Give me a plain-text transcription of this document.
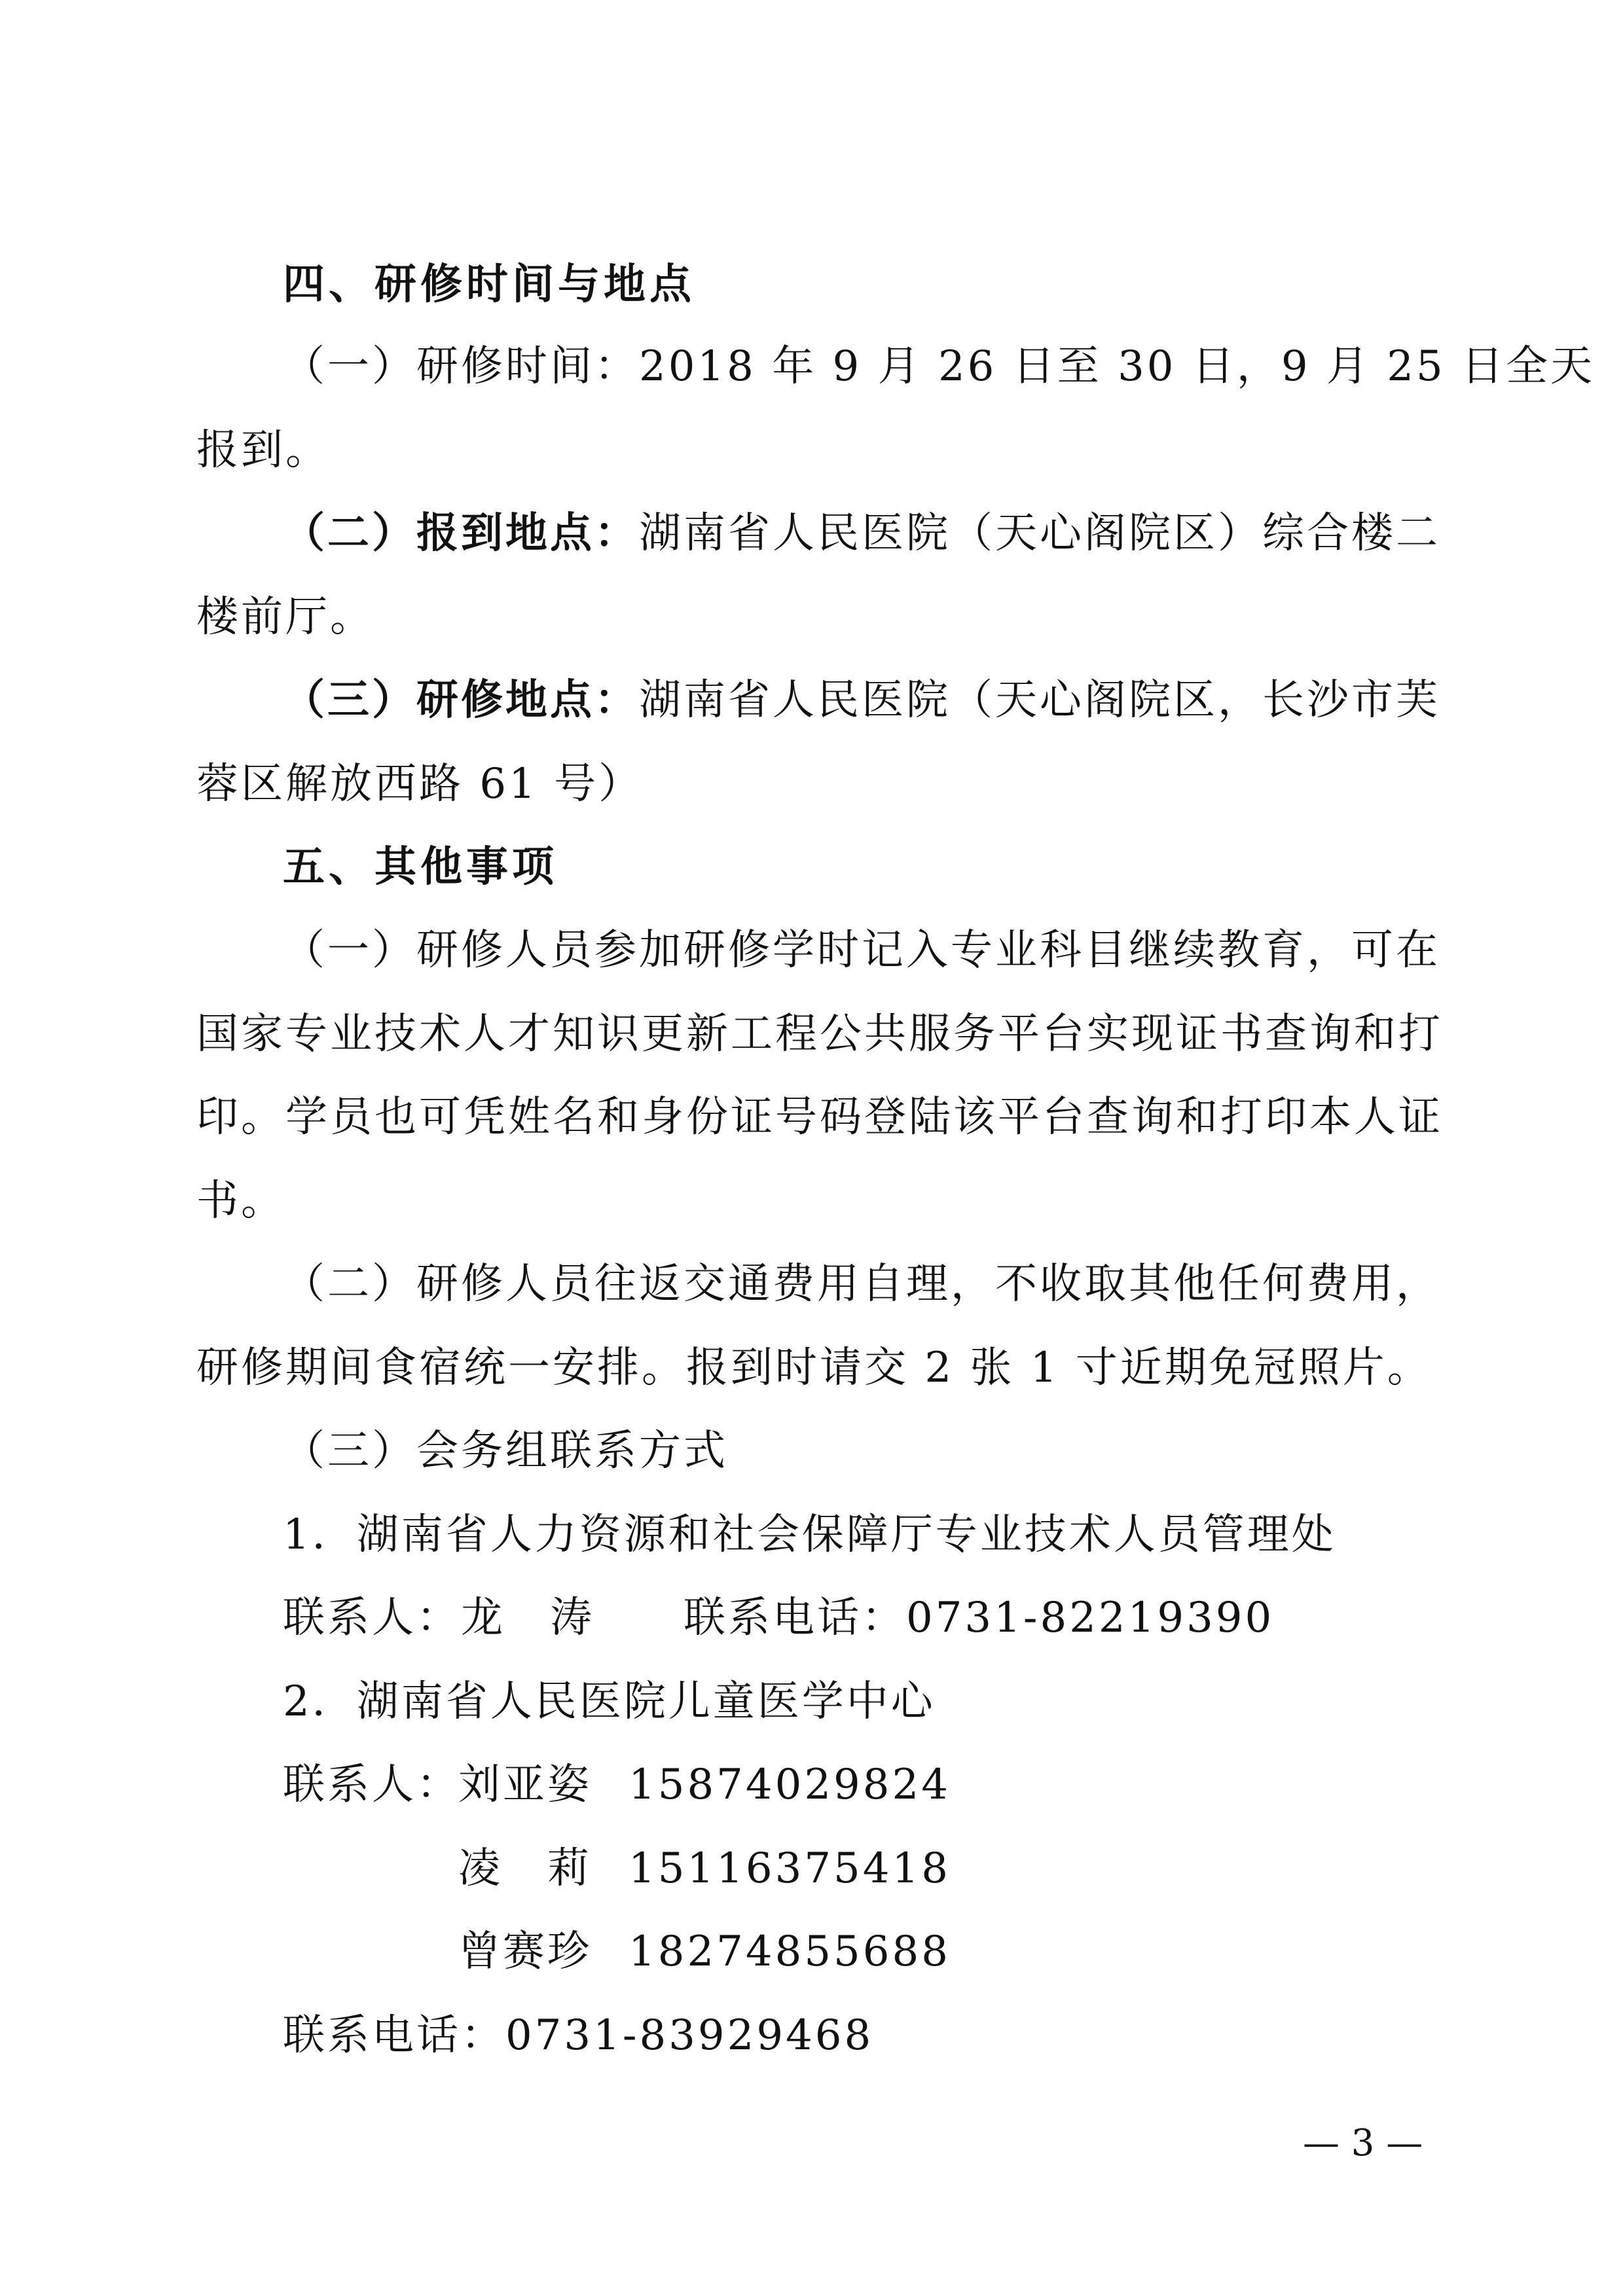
四、研修时间与地点
（一）研修时间：2018 年 9 月 26 日至 30 日，9 月 25 日全天
报到。
（二）报到地点：湖南省人民医院（天心阁院区）综合楼二
楼前厅。
（三）研修地点：湖南省人民医院（天心阁院区，长沙市芙
蓉区解放西路 61 号）
五、其他事项
（一）研修人员参加研修学时记入专业科目继续教育，可在
国家专业技术人才知识更新工程公共服务平台实现证书查询和打
印。学员也可凭姓名和身份证号码登陆该平台查询和打印本人证
书。
（二）研修人员往返交通费用自理，不收取其他任何费用，
研修期间食宿统一安排。报到时请交 2 张 1 寸近期免冠照片。
（三）会务组联系方式
1．湖南省人力资源和社会保障厅专业技术人员管理处
联系人：龙　涛　　联系电话：0731-82219390
2．湖南省人民医院儿童医学中心
联系人：
刘亚姿 15874029824
凌　莉 15116375418
曾赛珍 18274855688
联系电话：0731-83929468
— 3 —
